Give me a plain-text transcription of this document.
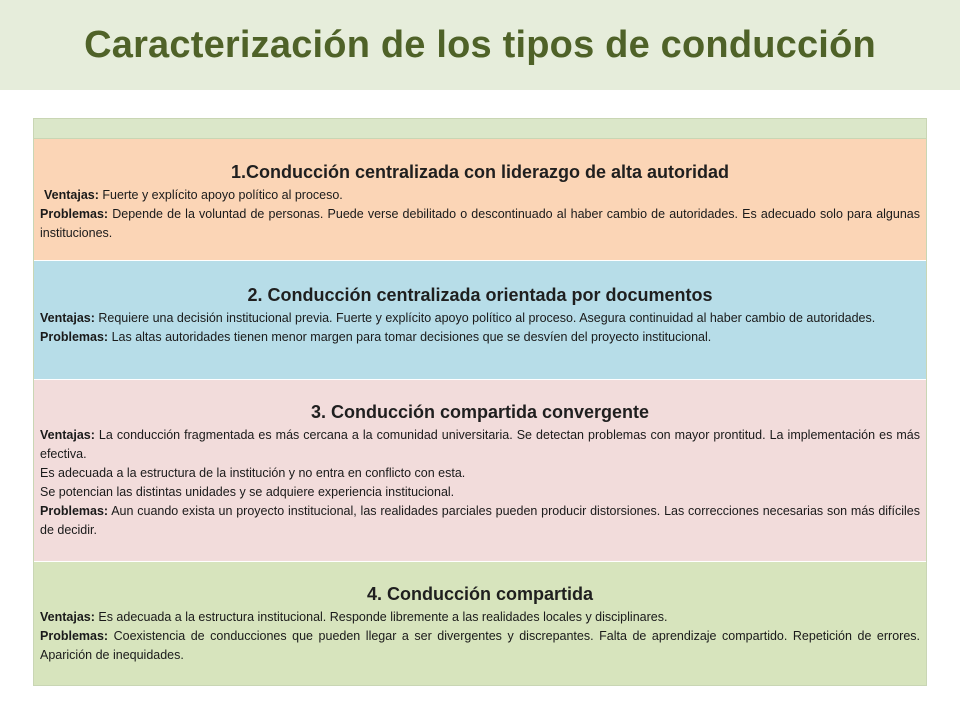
Caracterización de los tipos de conducción

1.Conducción centralizada con liderazgo de alta autoridad

Ventajas: Fuerte y explícito apoyo político al proceso.

Problemas: Depende de la voluntad de personas. Puede verse debilitado o descontinuado al haber cambio de autoridades. Es adecuado solo para algunas instituciones.

2. Conducción centralizada orientada por documentos

Ventajas: Requiere una decisión institucional previa. Fuerte y explícito apoyo político al proceso. Asegura continuidad al haber cambio de autoridades.

Problemas: Las altas autoridades tienen menor margen para tomar decisiones que se desvíen del proyecto institucional.

3. Conducción compartida convergente

Ventajas: La conducción fragmentada es más cercana a la comunidad universitaria. Se detectan problemas con mayor prontitud. La implementación es más efectiva.

Es adecuada a la estructura de la institución y no entra en conflicto con esta.

Se potencian las distintas unidades y se adquiere experiencia institucional.

Problemas: Aun cuando exista un proyecto institucional, las realidades parciales pueden producir distorsiones. Las correcciones necesarias son más difíciles de decidir.

4. Conducción compartida

Ventajas: Es adecuada a la estructura institucional. Responde libremente a las realidades locales y disciplinares.

Problemas: Coexistencia de conducciones que pueden llegar a ser divergentes y discrepantes. Falta de aprendizaje compartido. Repetición de errores. Aparición de inequidades.
